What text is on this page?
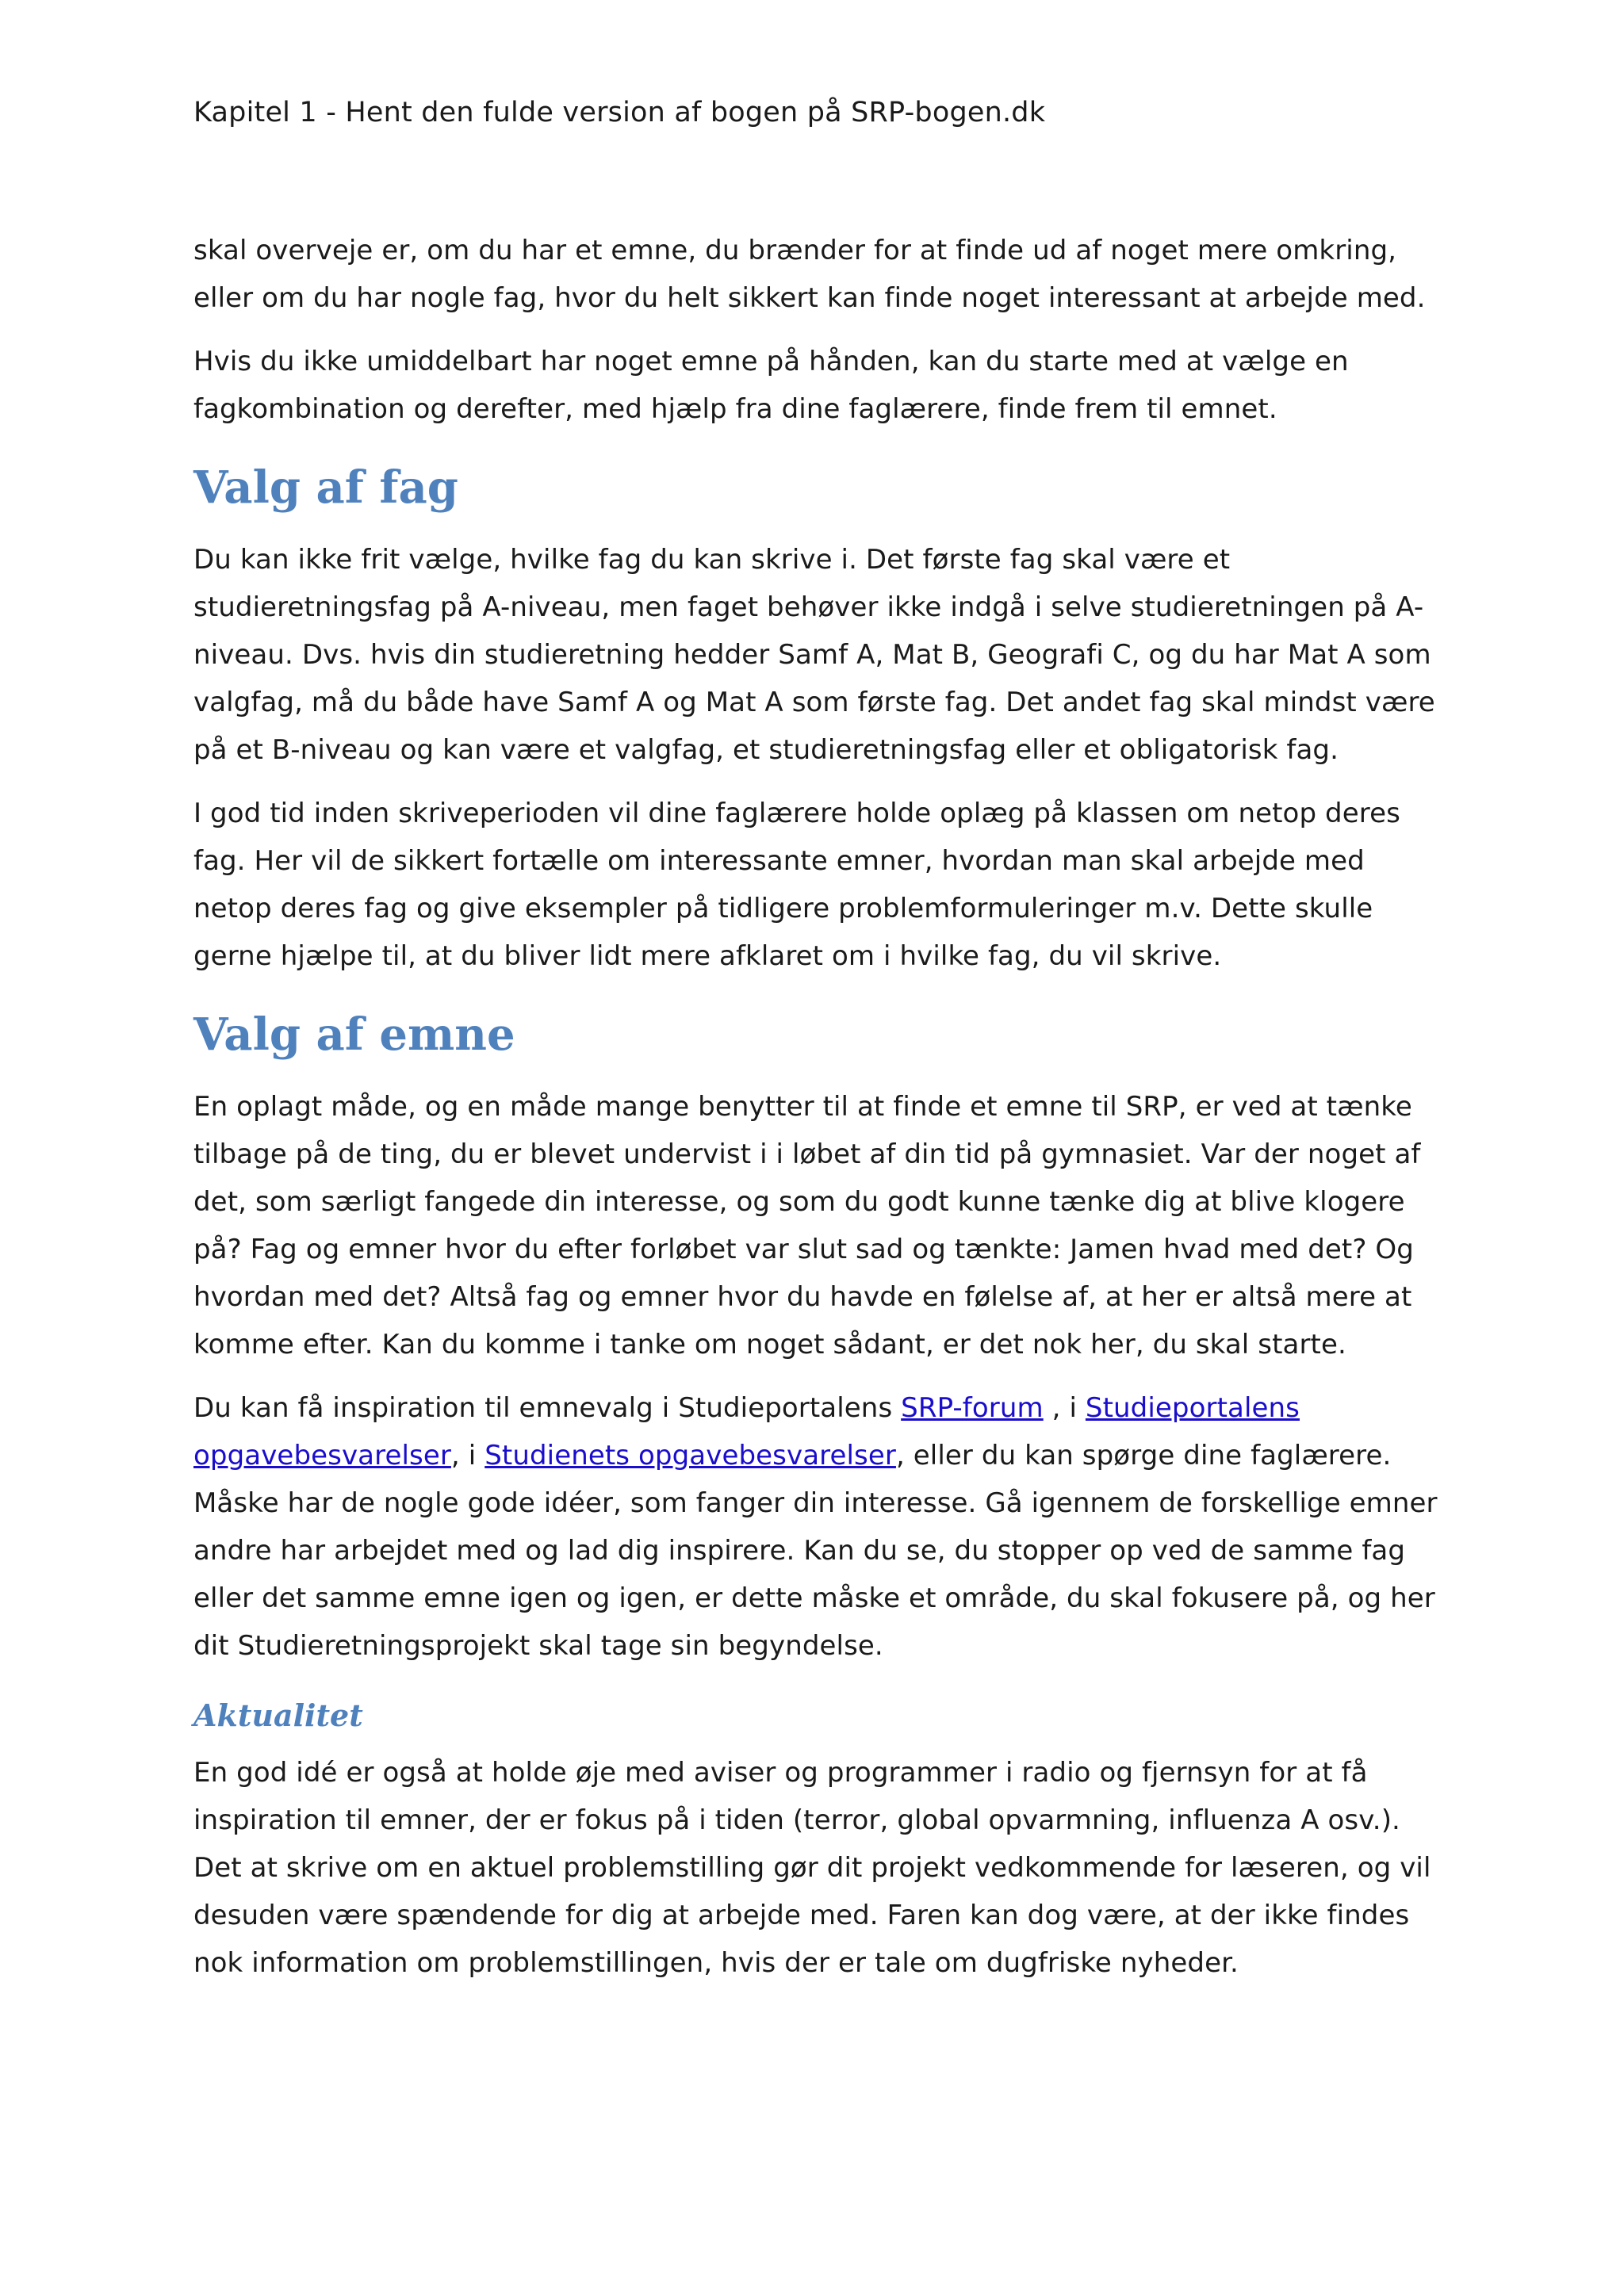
Kapitel 1 - Hent den fulde version af bogen på SRP-bogen.dk

skal overveje er, om du har et emne, du brænder for at finde ud af noget mere omkring, eller om du har nogle fag, hvor du helt sikkert kan finde noget interessant at arbejde med.

Hvis du ikke umiddelbart har noget emne på hånden, kan du starte med at vælge en fagkombination og derefter, med hjælp fra dine faglærere, finde frem til emnet.

Valg af fag

Du kan ikke frit vælge, hvilke fag du kan skrive i. Det første fag skal være et studieretningsfag på A-niveau, men faget behøver ikke indgå i selve studieretningen på A-niveau. Dvs. hvis din studieretning hedder Samf A, Mat B, Geografi C, og du har Mat A som valgfag, må du både have Samf A og Mat A som første fag. Det andet fag skal mindst være på et B-niveau og kan være et valgfag, et studieretningsfag eller et obligatorisk fag.

I god tid inden skriveperioden vil dine faglærere holde oplæg på klassen om netop deres fag. Her vil de sikkert fortælle om interessante emner, hvordan man skal arbejde med netop deres fag og give eksempler på tidligere problemformuleringer m.v. Dette skulle gerne hjælpe til, at du bliver lidt mere afklaret om i hvilke fag, du vil skrive.

Valg af emne

En oplagt måde, og en måde mange benytter til at finde et emne til SRP, er ved at tænke tilbage på de ting, du er blevet undervist i i løbet af din tid på gymnasiet. Var der noget af det, som særligt fangede din interesse, og som du godt kunne tænke dig at blive klogere på? Fag og emner hvor du efter forløbet var slut sad og tænkte: Jamen hvad med det? Og hvordan med det? Altså fag og emner hvor du havde en følelse af, at her er altså mere at komme efter. Kan du komme i tanke om noget sådant, er det nok her, du skal starte.

Du kan få inspiration til emnevalg i Studieportalens SRP-forum , i Studieportalens opgavebesvarelser, i Studienets opgavebesvarelser, eller du kan spørge dine faglærere. Måske har de nogle gode idéer, som fanger din interesse. Gå igennem de forskellige emner andre har arbejdet med og lad dig inspirere. Kan du se, du stopper op ved de samme fag eller det samme emne igen og igen, er dette måske et område, du skal fokusere på, og her dit Studieretningsprojekt skal tage sin begyndelse.

Aktualitet

En god idé er også at holde øje med aviser og programmer i radio og fjernsyn for at få inspiration til emner, der er fokus på i tiden (terror, global opvarmning, influenza A osv.). Det at skrive om en aktuel problemstilling gør dit projekt vedkommende for læseren, og vil desuden være spændende for dig at arbejde med. Faren kan dog være, at der ikke findes nok information om problemstillingen, hvis der er tale om dugfriske nyheder.
